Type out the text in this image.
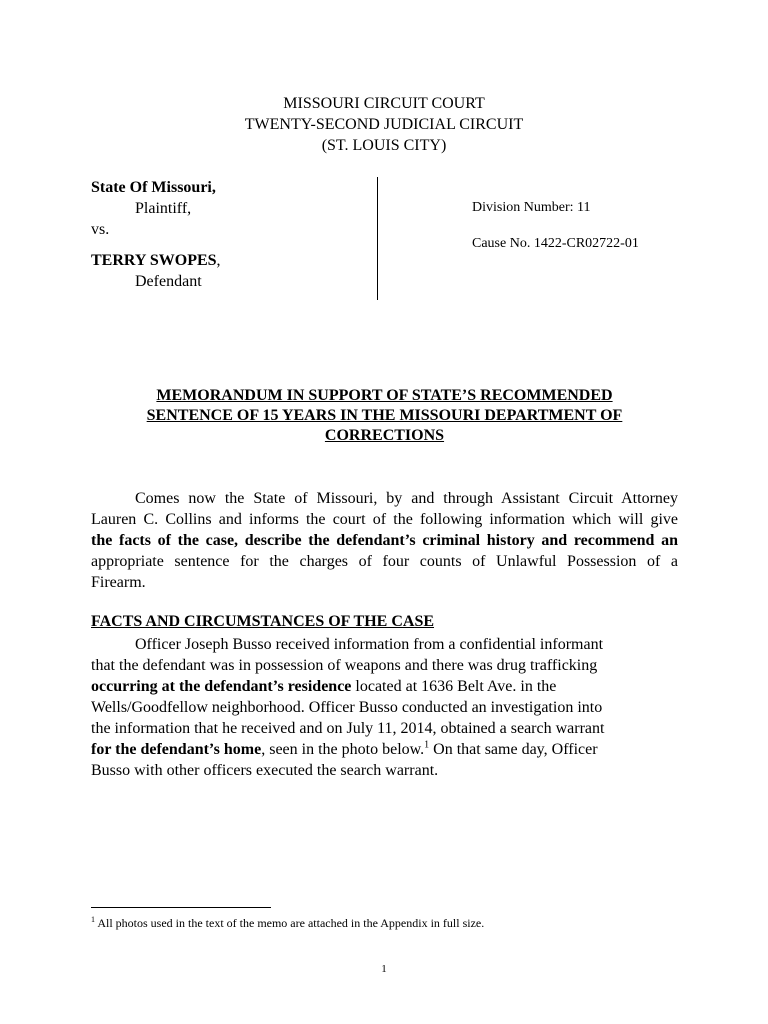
MISSOURI CIRCUIT COURT
TWENTY-SECOND JUDICIAL CIRCUIT
(ST. LOUIS CITY)
State Of Missouri,
Plaintiff,
vs.
TERRY SWOPES,
Defendant
Division Number: 11
Cause No. 1422-CR02722-01
MEMORANDUM IN SUPPORT OF STATE’S RECOMMENDED
SENTENCE OF 15 YEARS IN THE MISSOURI DEPARTMENT OF
CORRECTIONS
Comes now the State of Missouri, by and through Assistant Circuit Attorney
Lauren C. Collins and informs the court of the following information which will give
the facts of the case, describe the defendant’s criminal history and recommend an
appropriate sentence for the charges of four counts of Unlawful Possession of a
Firearm.
FACTS AND CIRCUMSTANCES OF THE CASE
Officer Joseph Busso received information from a confidential informant
that the defendant was in possession of weapons and there was drug trafficking
occurring at the defendant’s residence located at 1636 Belt Ave. in the
Wells/Goodfellow neighborhood. Officer Busso conducted an investigation into
the information that he received and on July 11, 2014, obtained a search warrant
for the defendant’s home, seen in the photo below.$^1$ On that same day, Officer
Busso with other officers executed the search warrant.
$^1$ All photos used in the text of the memo are attached in the Appendix in full size.
1
